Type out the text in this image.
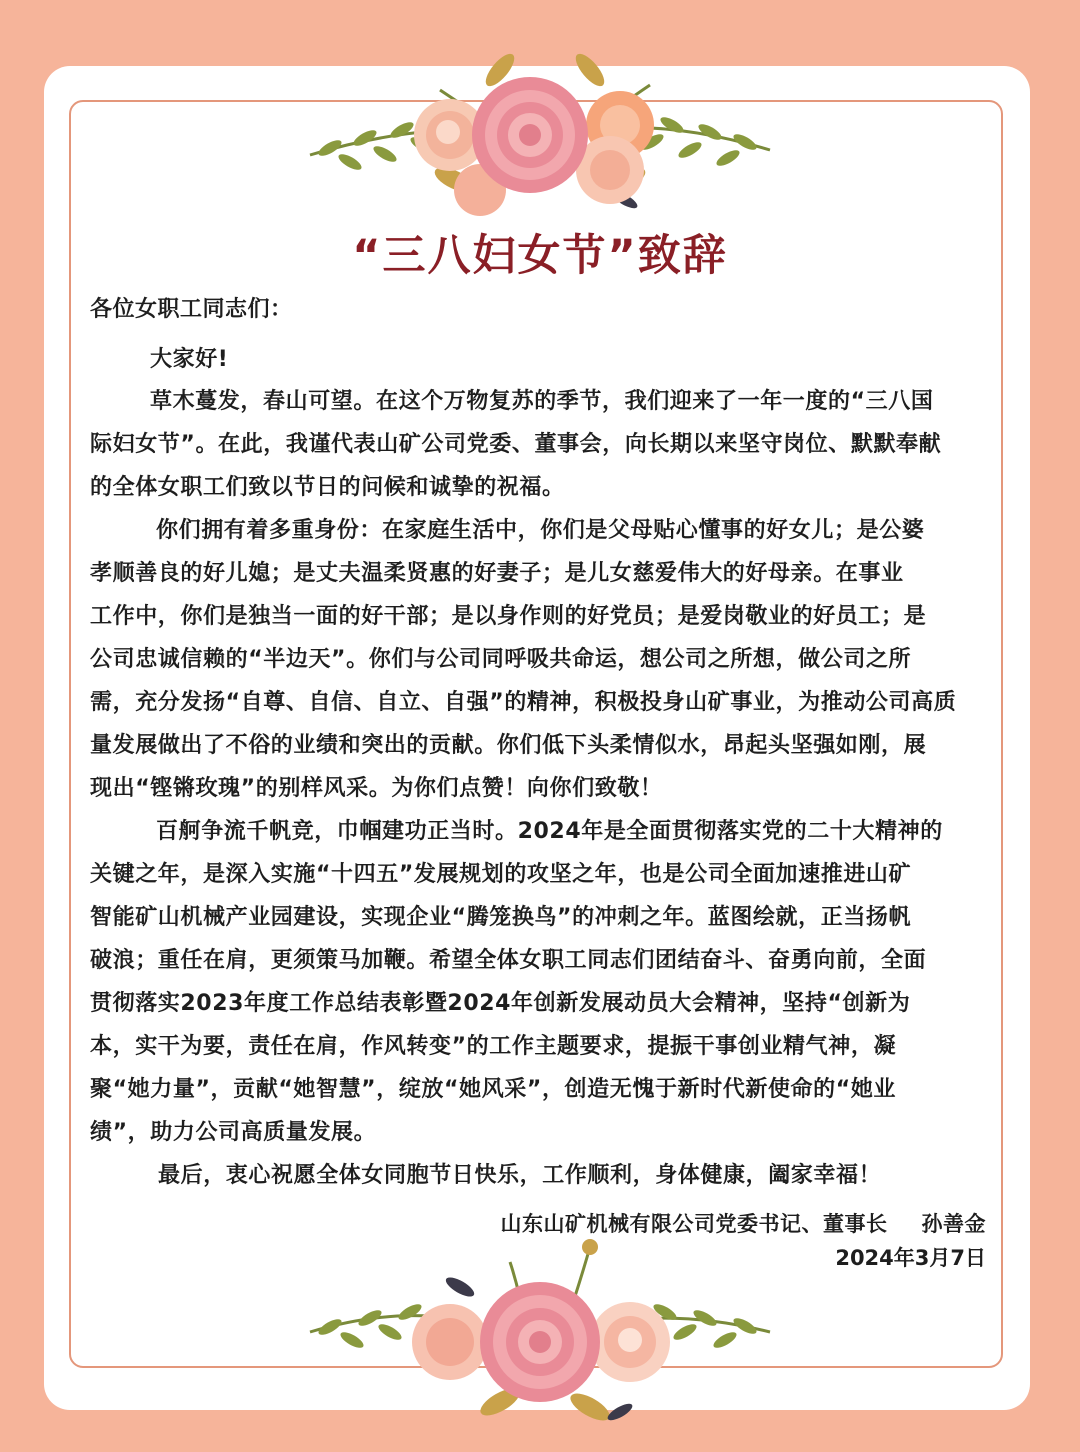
“三八妇女节”致辞
各位女职工同志们：
大家好!
草木蔓发，春山可望。在这个万物复苏的季节，我们迎来了一年一度的“三八国
际妇女节”。在此，我谨代表山矿公司党委、董事会，向长期以来坚守岗位、默默奉献
的全体女职工们致以节日的问候和诚挚的祝福。
你们拥有着多重身份：在家庭生活中，你们是父母贴心懂事的好女儿；是公婆
孝顺善良的好儿媳；是丈夫温柔贤惠的好妻子；是儿女慈爱伟大的好母亲。在事业
工作中，你们是独当一面的好干部；是以身作则的好党员；是爱岗敬业的好员工；是
公司忠诚信赖的“半边天”。你们与公司同呼吸共命运，想公司之所想，做公司之所
需，充分发扬“自尊、自信、自立、自强”的精神，积极投身山矿事业，为推动公司高质
量发展做出了不俗的业绩和突出的贡献。你们低下头柔情似水，昂起头坚强如刚，展
现出“铿锵玫瑰”的别样风采。为你们点赞！向你们致敬！
百舸争流千帆竞，巾帼建功正当时。2024年是全面贯彻落实党的二十大精神的
关键之年，是深入实施“十四五”发展规划的攻坚之年，也是公司全面加速推进山矿
智能矿山机械产业园建设，实现企业“腾笼换鸟”的冲刺之年。蓝图绘就，正当扬帆
破浪；重任在肩，更须策马加鞭。希望全体女职工同志们团结奋斗、奋勇向前，全面
贯彻落实2023年度工作总结表彰暨2024年创新发展动员大会精神，坚持“创新为
本，实干为要，责任在肩，作风转变”的工作主题要求，提振干事创业精气神，凝
聚“她力量”，贡献“她智慧”，绽放“她风采”，创造无愧于新时代新使命的“她业
绩”，助力公司高质量发展。
最后，衷心祝愿全体女同胞节日快乐，工作顺利，身体健康，阖家幸福！
山东山矿机械有限公司党委书记、董事长 孙善金
2024年3月7日
